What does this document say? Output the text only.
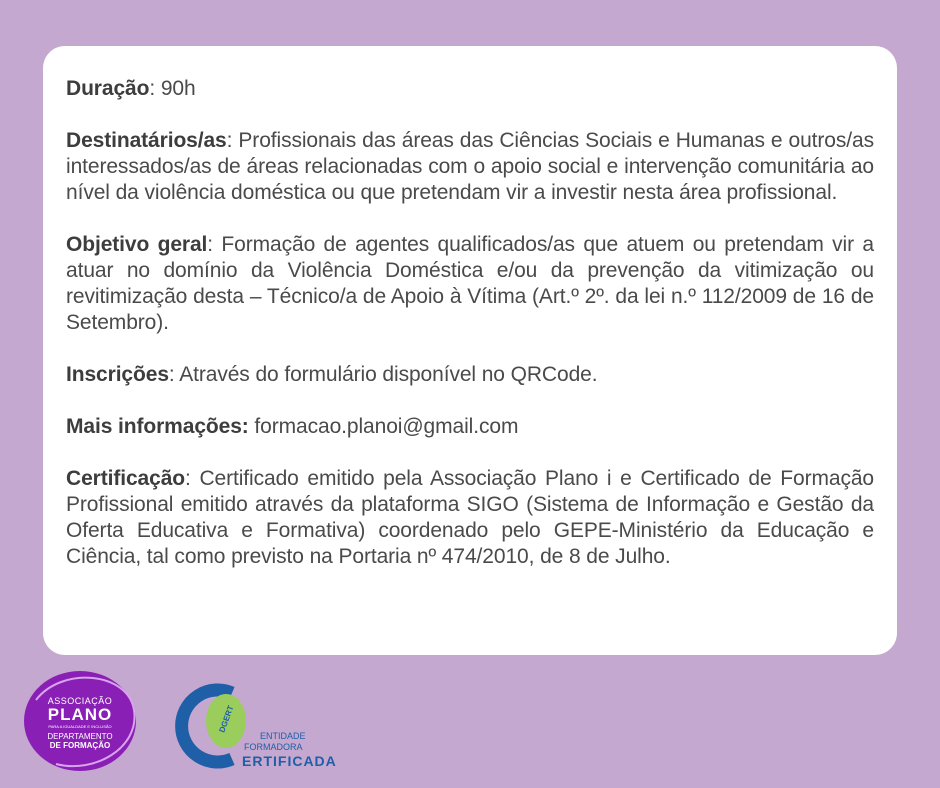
Duração: 90h

Destinatários/as: Profissionais das áreas das Ciências Sociais e Humanas e outros/as interessados/as de áreas relacionadas com o apoio social e intervenção comunitária ao nível da violência doméstica ou que pretendam vir a investir nesta área profissional.

Objetivo geral: Formação de agentes qualificados/as que atuem ou pretendam vir a atuar no domínio da Violência Doméstica e/ou da prevenção da vitimização ou revitimização desta – Técnico/a de Apoio à Vítima (Art.º 2º. da lei n.º 112/2009 de 16 de Setembro).

Inscrições: Através do formulário disponível no QRCode.

Mais informações: formacao.planoi@gmail.com

Certificação: Certificado emitido pela Associação Plano i e Certificado de Formação Profissional emitido através da plataforma SIGO (Sistema de Informação e Gestão da Oferta Educativa e Formativa) coordenado pelo GEPE-Ministério da Educação e Ciência, tal como previsto na Portaria nº 474/2010, de 8 de Julho.

ASSOCIAÇÃO
PLANO
PARA A IGUALDADE E INCLUSÃO
DEPARTAMENTO
DE FORMAÇÃO
DGERT
ENTIDADE
FORMADORA
ERTIFICADA
